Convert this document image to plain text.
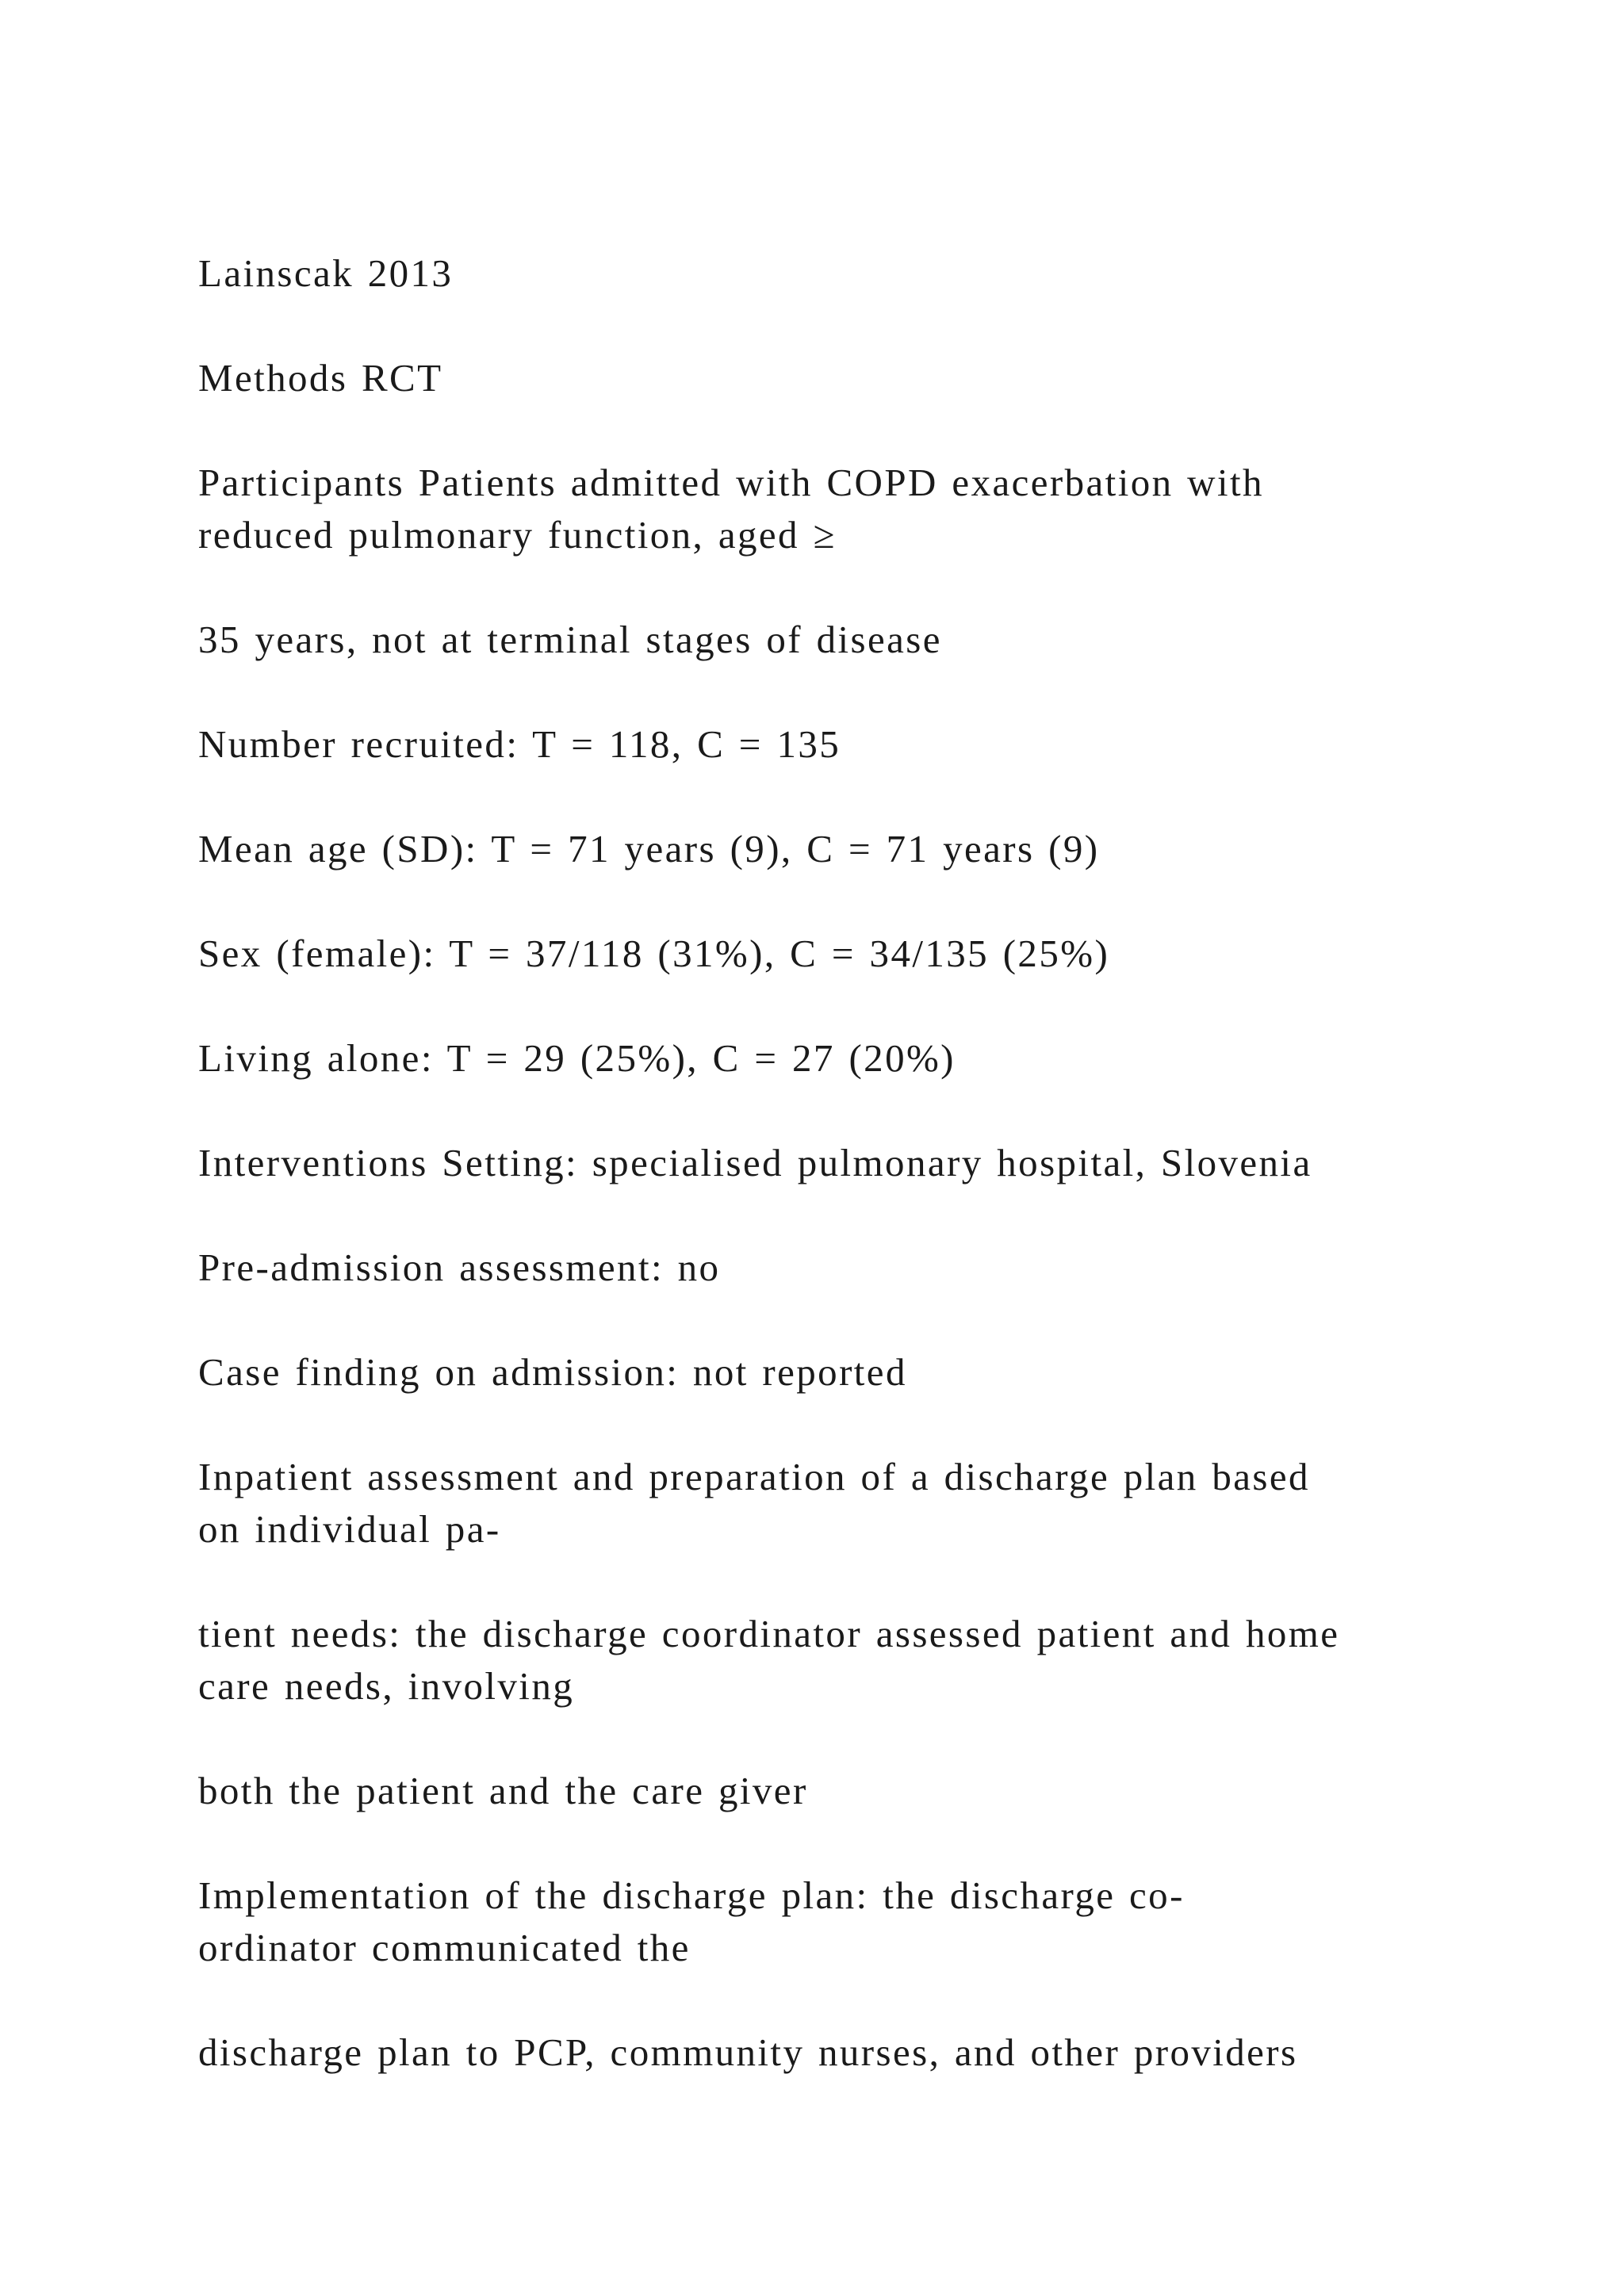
Lainscak 2013

Methods RCT

Participants Patients admitted with COPD exacerbation with
reduced pulmonary function, aged ≥

35 years, not at terminal stages of disease

Number recruited: T = 118, C = 135

Mean age (SD): T = 71 years (9), C = 71 years (9)

Sex (female): T = 37/118 (31%), C = 34/135 (25%)

Living alone: T = 29 (25%), C = 27 (20%)

Interventions Setting: specialised pulmonary hospital, Slovenia

Pre-admission assessment: no

Case finding on admission: not reported

Inpatient assessment and preparation of a discharge plan based
on individual pa-

tient needs: the discharge coordinator assessed patient and home
care needs, involving

both the patient and the care giver

Implementation of the discharge plan: the discharge co-
ordinator communicated the

discharge plan to PCP, community nurses, and other providers
